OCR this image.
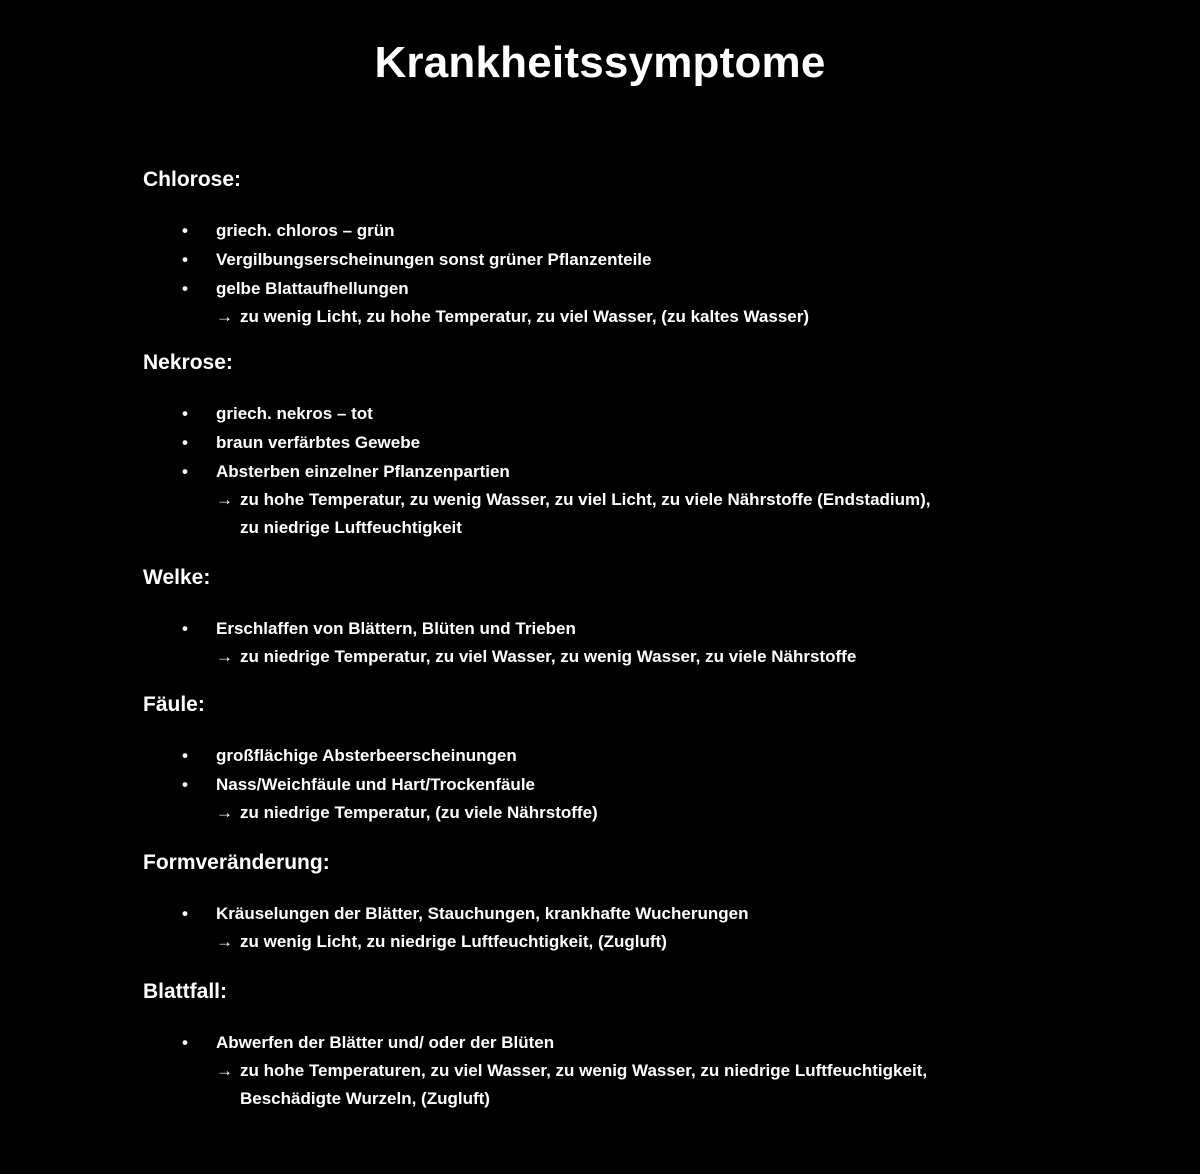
Krankheitssymptome
Chlorose:
• griech. chloros – grün
• Vergilbungserscheinungen sonst grüner Pflanzenteile
• gelbe Blattaufhellungen
→ zu wenig Licht, zu hohe Temperatur, zu viel Wasser, (zu kaltes Wasser)
Nekrose:
• griech. nekros – tot
• braun verfärbtes Gewebe
• Absterben einzelner Pflanzenpartien
→ zu hohe Temperatur, zu wenig Wasser, zu viel Licht, zu viele Nährstoffe (Endstadium),
zu niedrige Luftfeuchtigkeit
Welke:
• Erschlaffen von Blättern, Blüten und Trieben
→ zu niedrige Temperatur, zu viel Wasser, zu wenig Wasser, zu viele Nährstoffe
Fäule:
• großflächige Absterbeerscheinungen
• Nass/Weichfäule und Hart/Trockenfäule
→ zu niedrige Temperatur, (zu viele Nährstoffe)
Formveränderung:
• Kräuselungen der Blätter, Stauchungen, krankhafte Wucherungen
→ zu wenig Licht, zu niedrige Luftfeuchtigkeit, (Zugluft)
Blattfall:
• Abwerfen der Blätter und/ oder der Blüten
→ zu hohe Temperaturen, zu viel Wasser, zu wenig Wasser, zu niedrige Luftfeuchtigkeit,
Beschädigte Wurzeln, (Zugluft)
